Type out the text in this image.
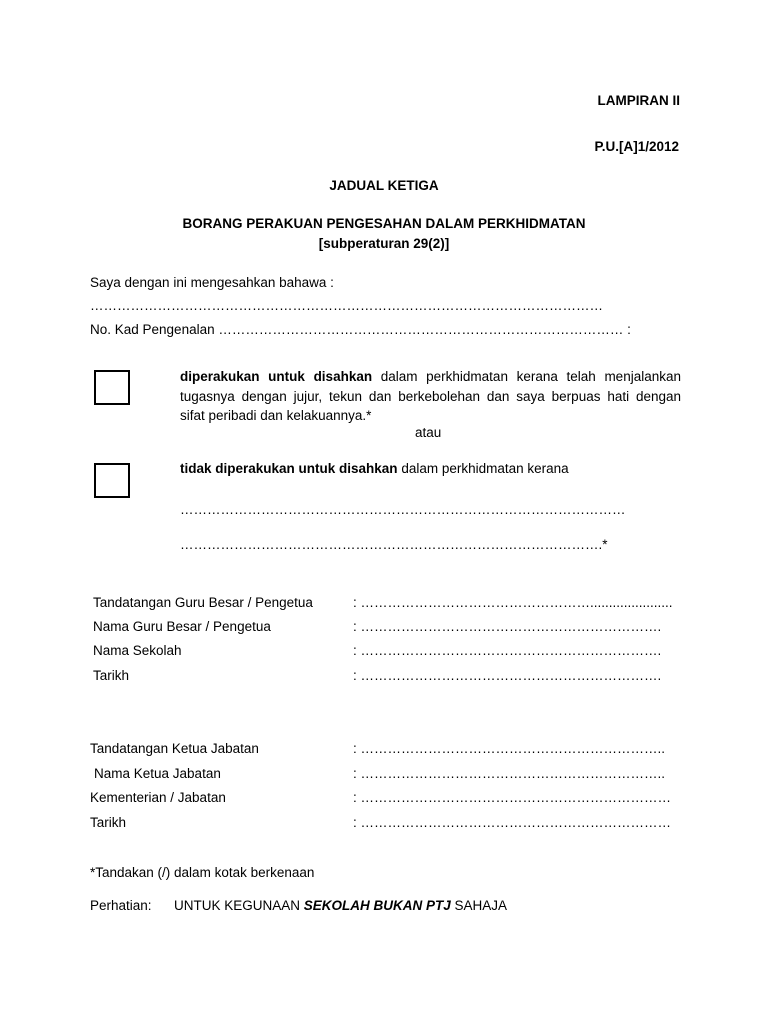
LAMPIRAN II
P.U.[A]1/2012
JADUAL KETIGA
BORANG PERAKUAN PENGESAHAN DALAM PERKHIDMATAN
[subperaturan 29(2)]
Saya dengan ini mengesahkan bahawa :
……………………………………………………………………………………………………
No. Kad Pengenalan ……………………………………………………………………………… :
diperakukan untuk disahkan dalam perkhidmatan kerana telah menjalankan
tugasnya dengan jujur, tekun dan berkebolehan dan saya berpuas hati dengan
sifat peribadi dan kelakuannya.*
atau
tidak diperakukan untuk disahkan dalam perkhidmatan kerana
………………………………………………………………………………………
………………………………………………………………………………….*
Tandatangan Guru Besar / Pengetua	: ……………………………………………......................
Nama Guru Besar / Pengetua	: ………………………………………………………….
Nama Sekolah	: ………………………………………………………….
Tarikh	: ………………………………………………………….
Tandatangan Ketua Jabatan	: …………………………………………………………..
Nama Ketua Jabatan	: …………………………………………………………..
Kementerian / Jabatan	: ……………………………………………………………
Tarikh	: ……………………………………………………………
*Tandakan (/) dalam kotak berkenaan
Perhatian: UNTUK KEGUNAAN SEKOLAH BUKAN PTJ SAHAJA
